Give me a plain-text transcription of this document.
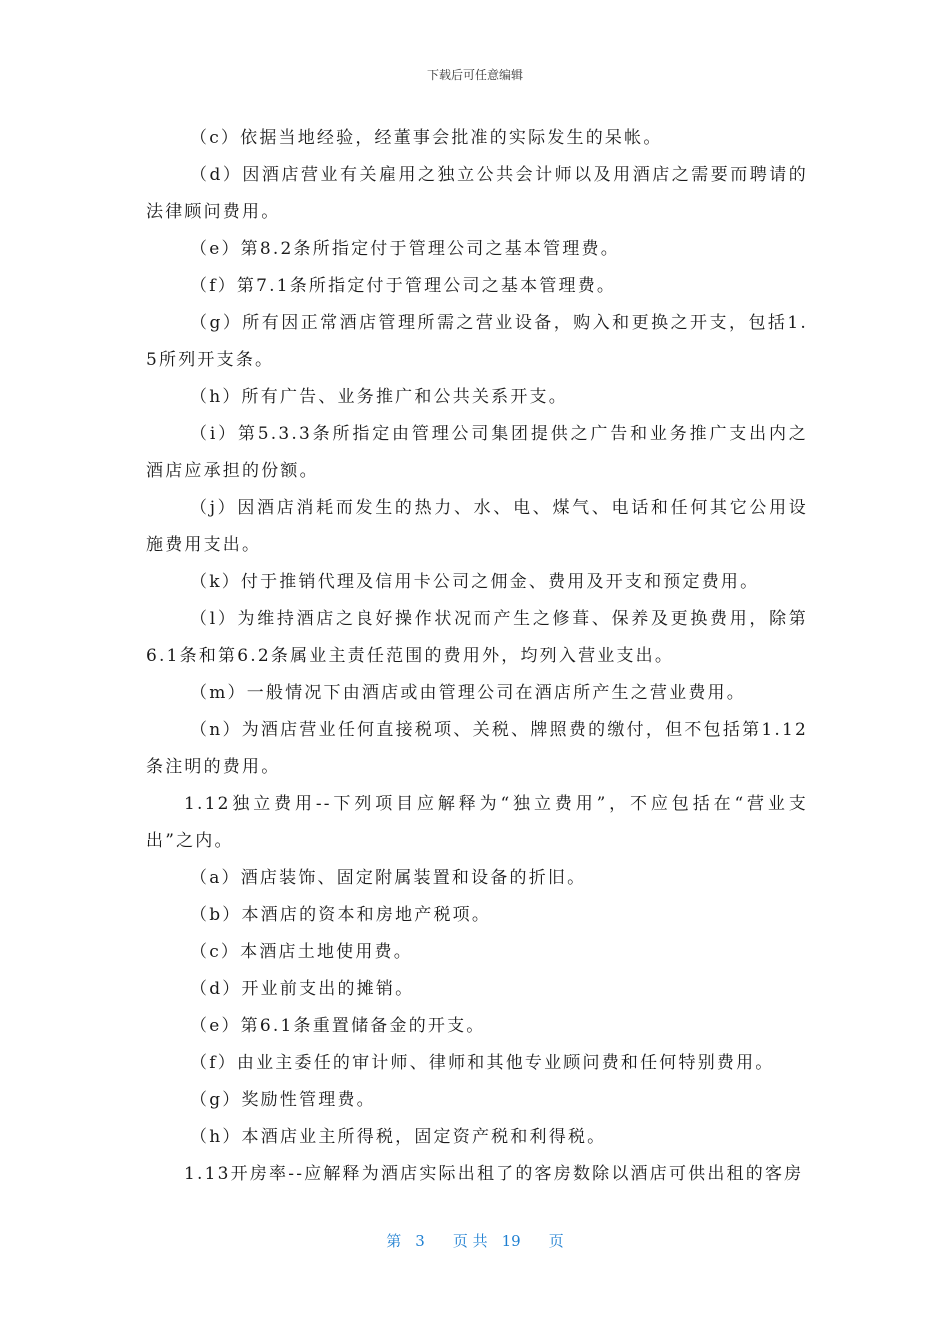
下载后可任意编辑

（c）依据当地经验，经董事会批准的实际发生的呆帐。

（d）因酒店营业有关雇用之独立公共会计师以及用酒店之需要而聘请的法律顾问费用。

（e）第8.2条所指定付于管理公司之基本管理费。

（f）第7.1条所指定付于管理公司之基本管理费。

（g）所有因正常酒店管理所需之营业设备，购入和更换之开支，包括1.5所列开支条。

（h）所有广告、业务推广和公共关系开支。

（i）第5.3.3条所指定由管理公司集团提供之广告和业务推广支出内之酒店应承担的份额。

（j）因酒店消耗而发生的热力、水、电、煤气、电话和任何其它公用设施费用支出。

（k）付于推销代理及信用卡公司之佣金、费用及开支和预定费用。

（l）为维持酒店之良好操作状况而产生之修葺、保养及更换费用，除第6.1条和第6.2条属业主责任范围的费用外，均列入营业支出。

（m）一般情况下由酒店或由管理公司在酒店所产生之营业费用。

（n）为酒店营业任何直接税项、关税、牌照费的缴付，但不包括第1.12条注明的费用。

1.12独立费用--下列项目应解释为“独立费用”，不应包括在“营业支出”之内。

（a）酒店装饰、固定附属装置和设备的折旧。

（b）本酒店的资本和房地产税项。

（c）本酒店土地使用费。

（d）开业前支出的摊销。

（e）第6.1条重置储备金的开支。

（f）由业主委任的审计师、律师和其他专业顾问费和任何特别费用。

（g）奖励性管理费。

（h）本酒店业主所得税，固定资产税和利得税。

1.13开房率--应解释为酒店实际出租了的客房数除以酒店可供出租的客房

第 3 页 共 19 页
